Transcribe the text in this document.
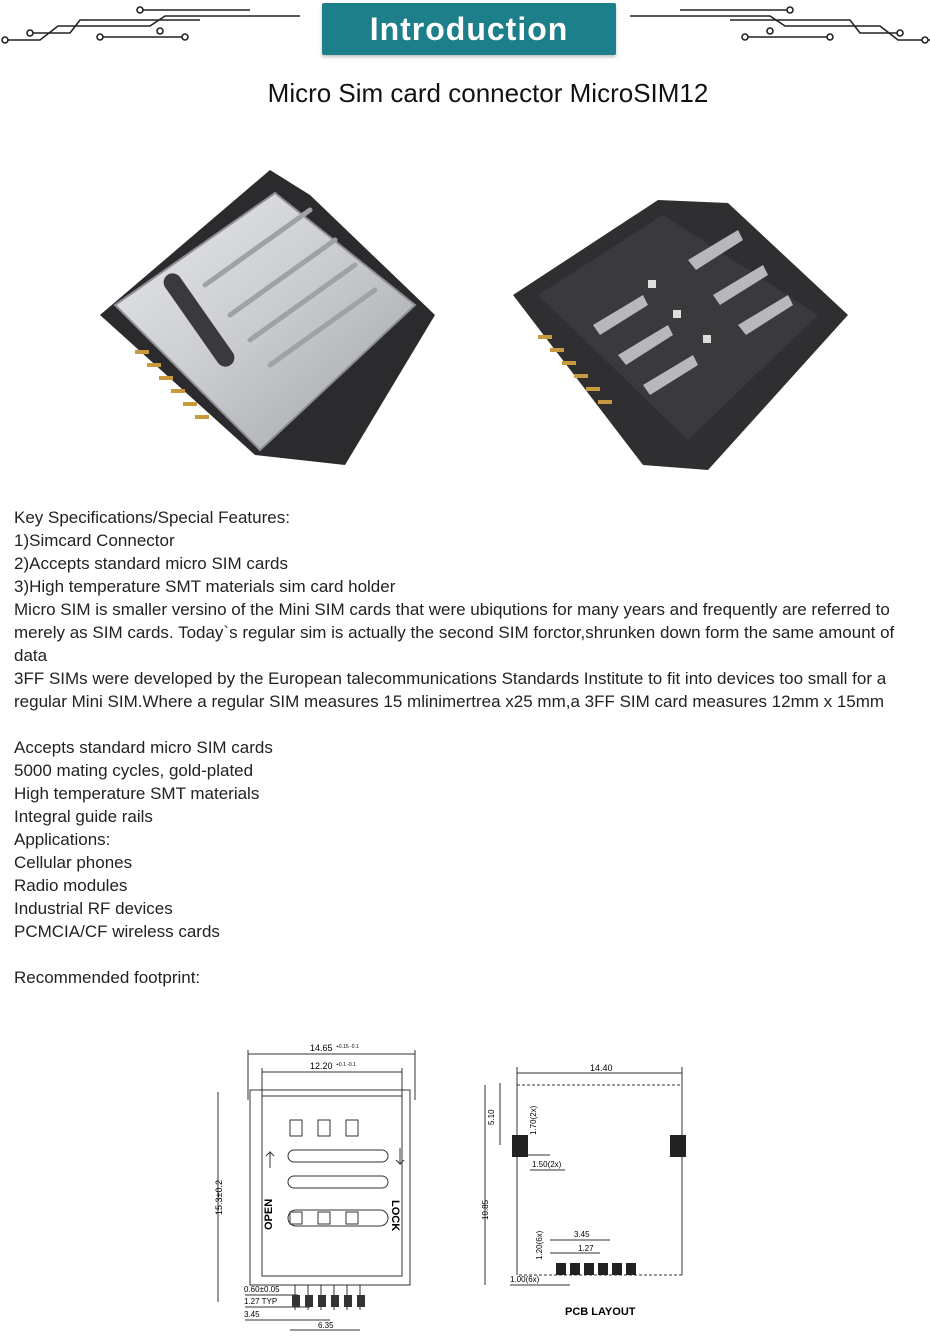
Introduction
Micro Sim card connector MicroSIM12
Key Specifications/Special Features:
1)Simcard Connector
2)Accepts standard micro SIM cards
3)High temperature SMT materials sim card holder
Micro SIM is smaller versino of the Mini SIM cards that were ubiqutions for many years and frequently are referred to merely as SIM cards. Today`s regular sim is actually the second SIM forctor,shrunken down form the same amount of data
3FF SIMs were developed by the European talecommunications Standards Institute to fit into devices too small for a regular Mini SIM.Where a regular SIM measures 15 mlinimertrea x25 mm,a 3FF SIM card measures 12mm x 15mm
Accepts standard micro SIM cards
5000 mating cycles, gold-plated
High temperature SMT materials
Integral guide rails
Applications:
Cellular phones
Radio modules
Industrial RF devices
PCMCIA/CF wireless cards
Recommended footprint:
14.65 +0.15 -0.1
12.20 +0.1 -0.1
15.3±0.2	OPEN	LOCK
0.60±0.05
1.27 TYP
3.45
6.35
14.40
5.10	1.70(2x)
1.50(2x)
10.85
1.20(6x)	3.45
1.27
1.00(6x)
PCB LAYOUT
